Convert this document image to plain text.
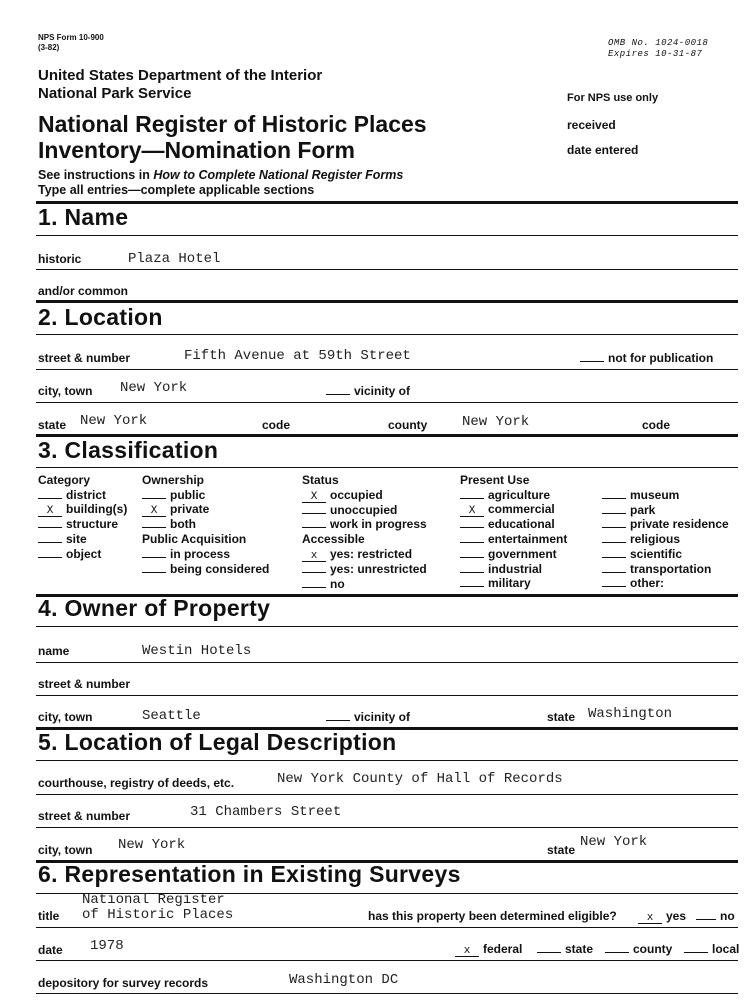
NPS Form 10-900
(3-82)	OMB No. 1024-0018
Expires 10-31-87
United States Department of the Interior
National Park Service
National Register of Historic Places
Inventory—Nomination Form
See instructions in How to Complete National Register Forms
Type all entries—complete applicable sections
For NPS use only
received
date entered
1. Name
historic	Plaza Hotel
and/or common
2. Location
street & number	Fifth Avenue at 59th Street	not for publication
city, town New York	vicinity of
state New York	code	county New York	code
3. Classification
Category
district
X building(s)
structure
site
object
Ownership
public
X private
both
Public Acquisition
in process
being considered
Status
X occupied
unoccupied
work in progress
Accessible
x yes: restricted
yes: unrestricted
no
Present Use
agriculture
X commercial
educational
entertainment
government
industrial
military
museum
park
private residence
religious
scientific
transportation
other:
4. Owner of Property
name	Westin Hotels
street & number
city, town	Seattle	vicinity of	state Washington
5. Location of Legal Description
courthouse, registry of deeds, etc.	New York County of Hall of Records
street & number	31 Chambers Street
city, town New York	state New York
6. Representation in Existing Surveys
title
National Register
of Historic Places	has this property been determined eligible?	x yes	no
date 1978	x federal	state	county	local
depository for survey records	Washington DC
